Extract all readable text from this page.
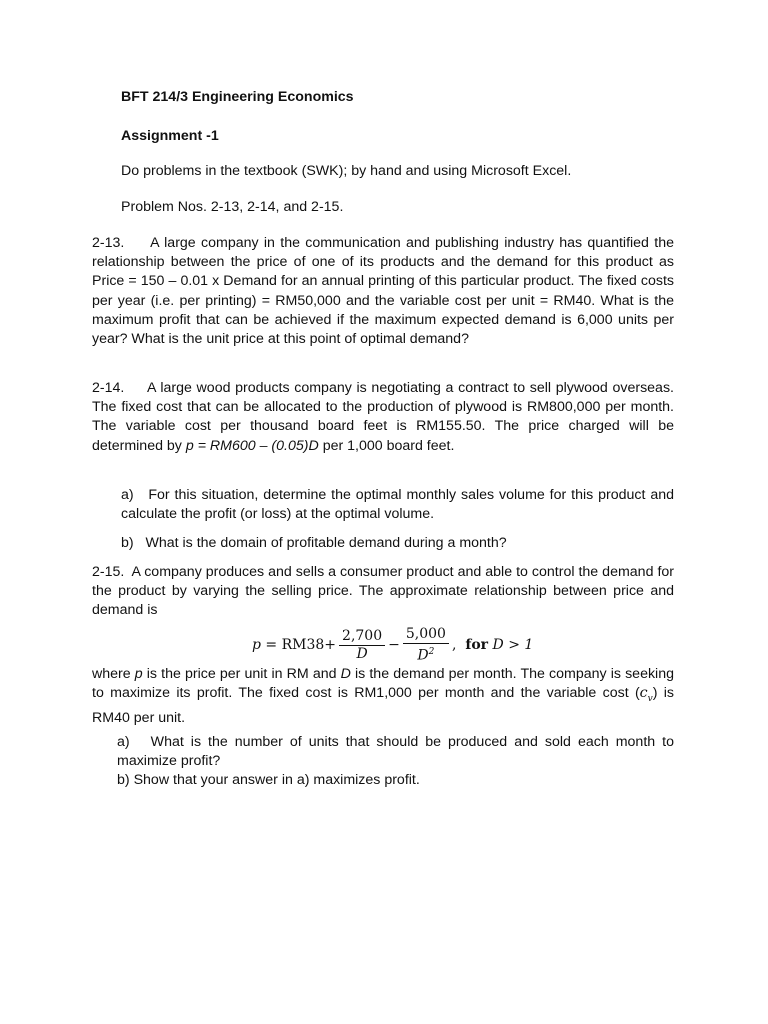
BFT 214/3 Engineering Economics
Assignment -1
Do problems in the textbook (SWK); by hand and using Microsoft Excel.
Problem Nos. 2-13, 2-14, and 2-15.
2-13. A large company in the communication and publishing industry has quantified the relationship between the price of one of its products and the demand for this product as Price = 150 – 0.01 x Demand for an annual printing of this particular product. The fixed costs per year (i.e. per printing) = RM50,000 and the variable cost per unit = RM40. What is the maximum profit that can be achieved if the maximum expected demand is 6,000 units per year? What is the unit price at this point of optimal demand?
2-14. A large wood products company is negotiating a contract to sell plywood overseas. The fixed cost that can be allocated to the production of plywood is RM800,000 per month. The variable cost per thousand board feet is RM155.50. The price charged will be determined by p = RM600 – (0.05)D per 1,000 board feet.
a) For this situation, determine the optimal monthly sales volume for this product and calculate the profit (or loss) at the optimal volume.
b) What is the domain of profitable demand during a month?
2-15. A company produces and sells a consumer product and able to control the demand for the product by varying the selling price. The approximate relationship between price and demand is
p
=
$RM38+ \frac{2,700}{D} - \frac{5,000}{D^2}$ , for
D > 1
where p is the price per unit in RM and D is the demand per month. The company is seeking to maximize its profit. The fixed cost is RM1,000 per month and the variable cost $(c_v)$ is RM40 per unit.
a) What is the number of units that should be produced and sold each month to maximize profit?
b) Show that your answer in a) maximizes profit.
